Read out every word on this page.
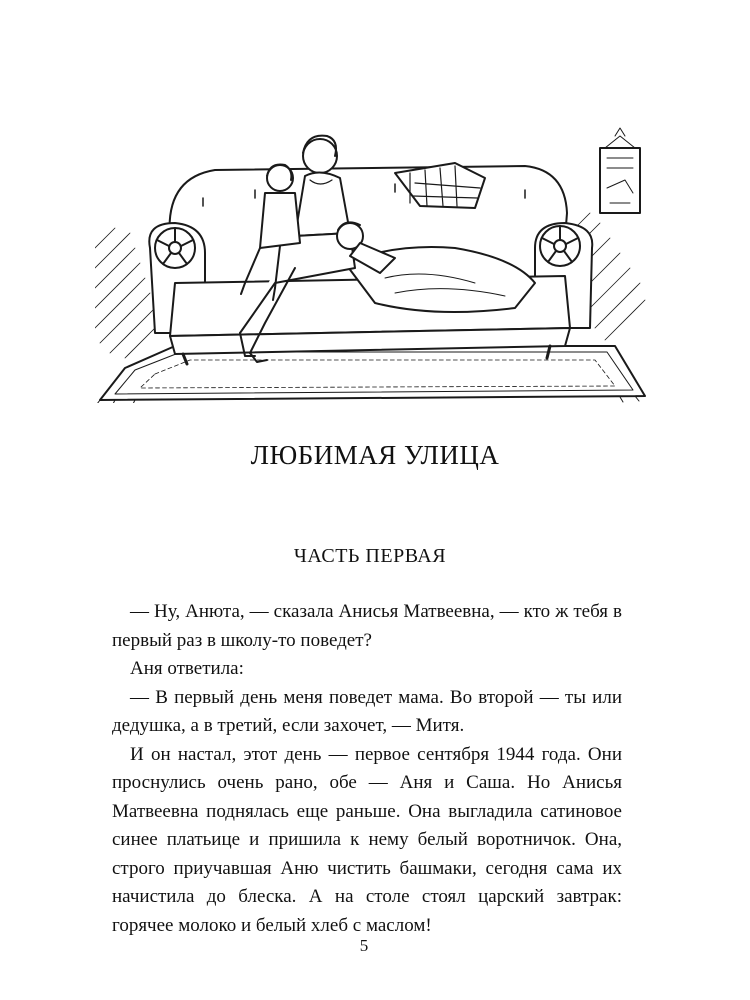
ЛЮБИМАЯ УЛИЦА
ЧАСТЬ ПЕРВАЯ

— Ну, Анюта, — сказала Анисья Матвеевна, — кто ж тебя в первый раз в школу-то поведет?

Аня ответила:

— В первый день меня поведет мама. Во второй — ты или дедушка, а в третий, если захочет, — Митя.

И он настал, этот день — первое сентября 1944 года. Они проснулись очень рано, обе — Аня и Саша. Но Анисья Матвеевна поднялась еще раньше. Она выгладила сатиновое синее платьице и пришила к нему белый воротничок. Она, строго приучавшая Аню чистить башмаки, сегодня сама их начистила до блеска. А на столе стоял царский завтрак: горячее молоко и белый хлеб с маслом!

5
